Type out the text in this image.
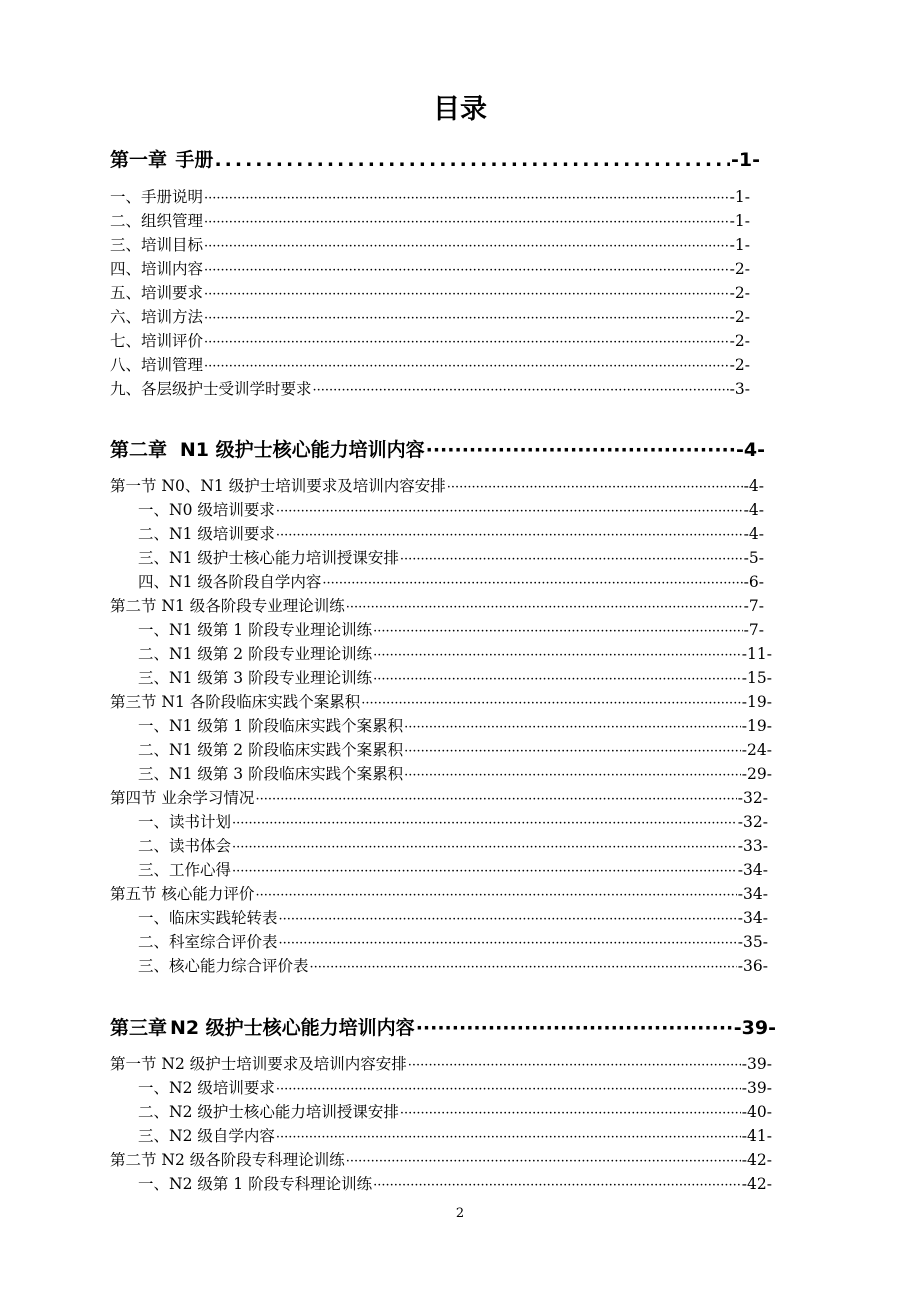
目录
第一章 手册 .....	-1-
一、手册说明 ·····	-1-
二、组织管理 ·····	-1-
三、培训目标 ·····	-1-
四、培训内容 ·····	-2-
五、培训要求 ·····	-2-
六、培训方法 ·····	-2-
七、培训评价 ·····	-2-
八、培训管理 ·····	-2-
九、各层级护士受训学时要求 ·····	-3-
第二章 N1 级护士核心能力培训内容 ·····	-4-
第一节 N0、N1 级护士培训要求及培训内容安排 ·····	-4-
一、N0 级培训要求 ·····	-4-
二、N1 级培训要求 ·····	-4-
三、N1 级护士核心能力培训授课安排 ·····	-5-
四、N1 级各阶段自学内容 ·····	-6-
第二节 N1 级各阶段专业理论训练 ·····	-7-
一、N1 级第 1 阶段专业理论训练 ·····	-7-
二、N1 级第 2 阶段专业理论训练 ·····	-11-
三、N1 级第 3 阶段专业理论训练 ·····	-15-
第三节 N1 各阶段临床实践个案累积 ·····	-19-
一、N1 级第 1 阶段临床实践个案累积 ·····	-19-
二、N1 级第 2 阶段临床实践个案累积 ·····	-24-
三、N1 级第 3 阶段临床实践个案累积 ·····	-29-
第四节 业余学习情况 ·····	-32-
一、读书计划 ·····	-32-
二、读书体会 ·····	-33-
三、工作心得 ·····	-34-
第五节 核心能力评价 ·····	-34-
一、临床实践轮转表 ·····	-34-
二、科室综合评价表 ·····	-35-
三、核心能力综合评价表 ·····	-36-
第三章 N2 级护士核心能力培训内容 ·····	-39-
第一节 N2 级护士培训要求及培训内容安排 ·····	-39-
一、N2 级培训要求 ·····	-39-
二、N2 级护士核心能力培训授课安排 ·····	-40-
三、N2 级自学内容 ·····	-41-
第二节 N2 级各阶段专科理论训练 ·····	-42-
一、N2 级第 1 阶段专科理论训练 ·····	-42-
2
